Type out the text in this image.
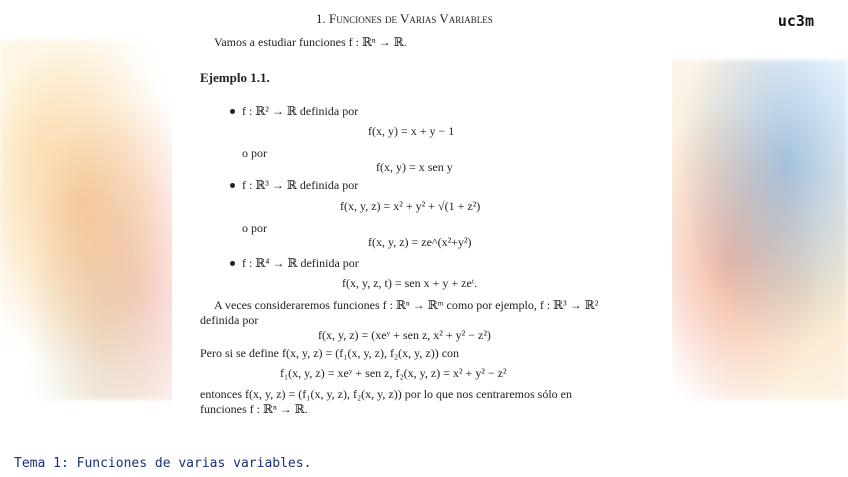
1. Funciones de Varias Variables
Vamos a estudiar funciones f : ℝⁿ → ℝ.
Ejemplo 1.1.
f : ℝ² → ℝ definida por
f(x, y) = x + y − 1
o por
f(x, y) = x sen y
f : ℝ³ → ℝ definida por
f(x, y, z) = x² + y² + √(1 + z²)
o por
f(x, y, z) = ze^(x²+y²)
f : ℝ⁴ → ℝ definida por
f(x, y, z, t) = sen x + y + zeᵗ.
A veces consideraremos funciones f : ℝⁿ → ℝᵐ como por ejemplo, f : ℝ³ → ℝ²
definida por
f(x, y, z) = (xeʸ + sen z, x² + y² − z²)
Pero si se define f(x, y, z) = (f₁(x, y, z), f₂(x, y, z)) con
f₁(x, y, z) = xeʸ + sen z, f₂(x, y, z) = x² + y² − z²
entonces f(x, y, z) = (f₁(x, y, z), f₂(x, y, z)) por lo que nos centraremos sólo en
funciones f : ℝⁿ → ℝ.
uc3m
Tema 1: Funciones de varias variables.
